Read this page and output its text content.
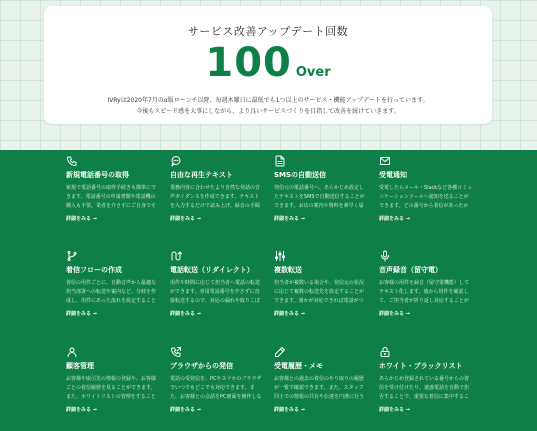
サービス改善アップデート回数
100 Over
IVRyは2020年7月のα版ローンチ以降、毎週木曜日に最低でも1つ以上のサービス・機能アップデートを行っています。
今後もスピード感を大事にしながら、より良いサービスづくりを目指して改善を続けていきます。
新規電話番号の取得
新規で電話番号の取得手続きも簡単にできます。電話番号の申請書類や電話機の購入も不要。業者を介さずにご自身でそ
詳細をみる →
自由な再生テキスト
業務内容に合わせたより自然な発話の音声ガイダンスを作成できます。テキストを入力するだけで読み上げ、録音の手間
詳細をみる →
SMSの自動送信
発信元の電話番号へ、あらかじめ設定したテキストをSMSで自動送信することができます。お店の案内や資料を素早く届
詳細をみる →
受電通知
受電したらメール・Slackなど各種コミュニケーションツールへ通知を送ることができます。どの番号から着信があったか
詳細をみる →
着信フローの作成
着信の用件ごとに、自動音声から最適な担当部署への転送や案内など、分岐を作成し、用件にあった流れを設定すること
詳細をみる →
電話転送（リダイレクト）
用件や時間に応じて担当者へ電話の転送ができます。専用電話番号を介さずに直接転送するので、対応の漏れや取りこぼ
詳細をみる →
複数転送
担当者が複数いる場合や、発信元の状況に応じて複数の転送先を設定することができます。誰かが対応できれば電話がつ
詳細をみる →
音声録音（留守電）
お客様の用件を録音（留守電機能）してテキスト化します。後から用件を確認して、ご担当者が折り返し対応することが
詳細をみる →
顧客管理
お客様や取引先の情報の登録や、お客様ごとの着信履歴を見ることができます。また、ホワイトリストの管理をすること
詳細をみる →
ブラウザからの発信
電話の受発信を、PCやスマホのブラウザでいつでもどこでも対応できます。また、お客様との会話をPC画面を操作しな
詳細をみる →
受電履歴・メモ
お客様との過去の着信のやり取りの履歴が一覧で確認できます。また、スタッフ同士での情報の共有や伝達を円滑に行う
詳細をみる →
ホワイト・ブラックリスト
あらかじめ登録されている番号からの着信を受け付けたり、迷惑電話を自動で拒否することで、重要な着信に集中するこ
詳細をみる →
